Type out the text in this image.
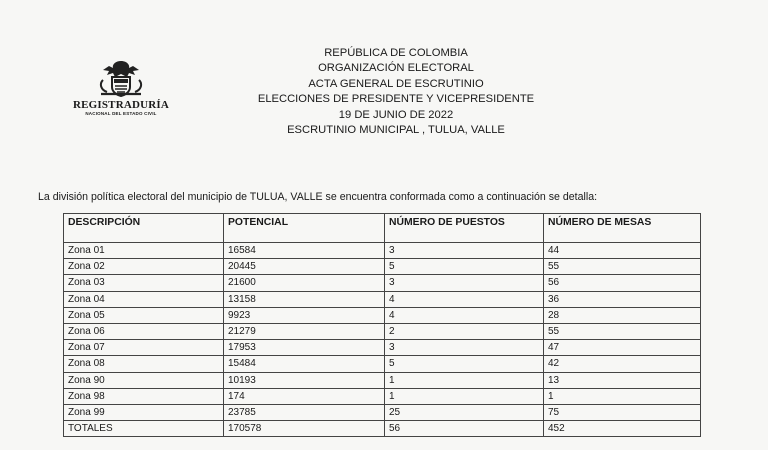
REGISTRADURÍA
NACIONAL DEL ESTADO CIVIL
REPÚBLICA DE COLOMBIA
ORGANIZACIÓN ELECTORAL
ACTA GENERAL DE ESCRUTINIO
ELECCIONES DE PRESIDENTE Y VICEPRESIDENTE
19 DE JUNIO DE 2022
ESCRUTINIO MUNICIPAL , TULUA, VALLE
La división política electoral del municipio de TULUA, VALLE se encuentra conformada como a continuación se detalla:
DESCRIPCIÓN	POTENCIAL	NÚMERO DE PUESTOS	NÚMERO DE MESAS
Zona 01	16584	3	44
Zona 02	20445	5	55
Zona 03	21600	3	56
Zona 04	13158	4	36
Zona 05	9923	4	28
Zona 06	21279	2	55
Zona 07	17953	3	47
Zona 08	15484	5	42
Zona 90	10193	1	13
Zona 98	174	1	1
Zona 99	23785	25	75
TOTALES	170578	56	452
